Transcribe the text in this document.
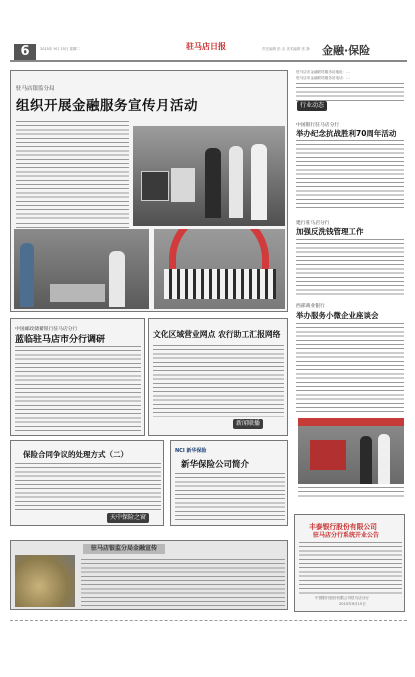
6	2015年 9月 15日 星期二	驻马店日报	责任编辑 彭 洁 美术编辑 张 静 金融·保险
驻马店银监分局
组织开展金融服务宣传月活动
驻马店市金融联络服务站地址：…
驻马店市金融联络服务站电话：…
行业动态
中国银行驻马店分行
举办纪念抗战胜利70周年活动
建行驻马店分行
加强反洗钱管理工作
西部商业银行
举办服务小微企业座谈会
中国邮政储蓄银行驻马店分行
蓝临驻马店市分行调研
文化区域营业网点 农行助工汇报网络
新闻联播
保险合同争议的处理方式（二）
天中保险之窗
NCI 新华保险
新华保险公司简介
丰泰银行股份有限公司
驻马店分行系统开业公告
中国银行股份有限公司驻马店分行
2015年9月15日
驻马店银监分局金融宣传
